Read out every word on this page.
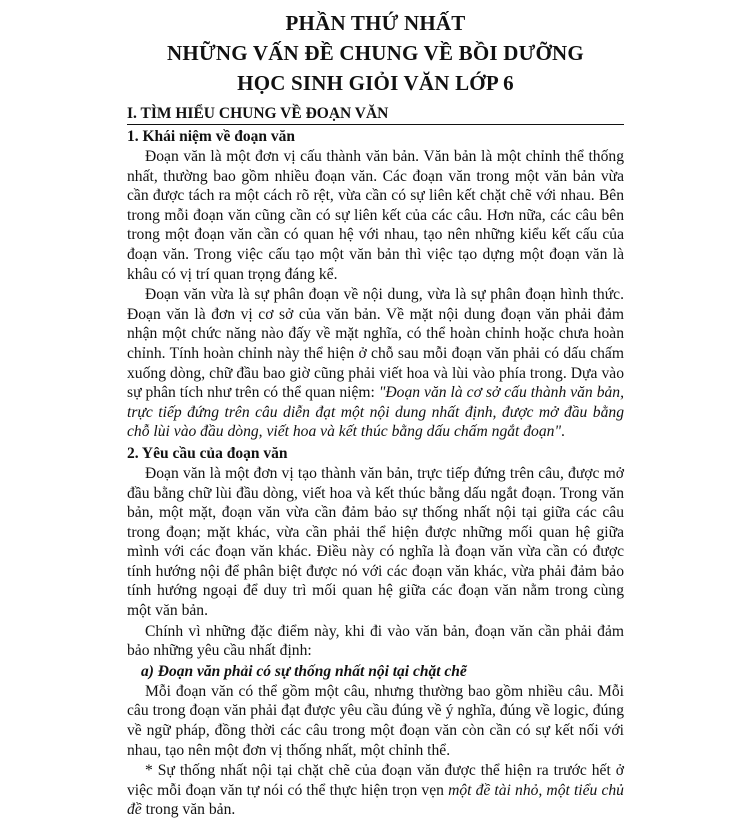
PHẦN THỨ NHẤT
NHỮNG VẤN ĐỀ CHUNG VỀ BỒI DƯỠNG
HỌC SINH GIỎI VĂN LỚP 6
I. TÌM HIỂU CHUNG VỀ ĐOẠN VĂN
1. Khái niệm về đoạn văn

Đoạn văn là một đơn vị cấu thành văn bản. Văn bản là một chỉnh thể thống nhất, thường bao gồm nhiều đoạn văn. Các đoạn văn trong một văn bản vừa cần được tách ra một cách rõ rệt, vừa cần có sự liên kết chặt chẽ với nhau. Bên trong mỗi đoạn văn cũng cần có sự liên kết của các câu. Hơn nữa, các câu bên trong một đoạn văn cần có quan hệ với nhau, tạo nên những kiểu kết cấu của đoạn văn. Trong việc cấu tạo một văn bản thì việc tạo dựng một đoạn văn là khâu có vị trí quan trọng đáng kể.

Đoạn văn vừa là sự phân đoạn về nội dung, vừa là sự phân đoạn hình thức. Đoạn văn là đơn vị cơ sở của văn bản. Về mặt nội dung đoạn văn phải đảm nhận một chức năng nào đấy về mặt nghĩa, có thể hoàn chỉnh hoặc chưa hoàn chỉnh. Tính hoàn chỉnh này thể hiện ở chỗ sau mỗi đoạn văn phải có dấu chấm xuống dòng, chữ đầu bao giờ cũng phải viết hoa và lùi vào phía trong. Dựa vào sự phân tích như trên có thể quan niệm: "Đoạn văn là cơ sở cấu thành văn bản, trực tiếp đứng trên câu diễn đạt một nội dung nhất định, được mở đầu bằng chỗ lùi vào đầu dòng, viết hoa và kết thúc bằng dấu chấm ngắt đoạn".

2. Yêu cầu của đoạn văn

Đoạn văn là một đơn vị tạo thành văn bản, trực tiếp đứng trên câu, được mở đầu bằng chữ lùi đầu dòng, viết hoa và kết thúc bằng dấu ngắt đoạn. Trong văn bản, một mặt, đoạn văn vừa cần đảm bảo sự thống nhất nội tại giữa các câu trong đoạn; mặt khác, vừa cần phải thể hiện được những mối quan hệ giữa mình với các đoạn văn khác. Điều này có nghĩa là đoạn văn vừa cần có được tính hướng nội để phân biệt được nó với các đoạn văn khác, vừa phải đảm bảo tính hướng ngoại để duy trì mối quan hệ giữa các đoạn văn nằm trong cùng một văn bản.

Chính vì những đặc điểm này, khi đi vào văn bản, đoạn văn cần phải đảm bảo những yêu cầu nhất định:

a) Đoạn văn phải có sự thống nhất nội tại chặt chẽ

Mỗi đoạn văn có thể gồm một câu, nhưng thường bao gồm nhiều câu. Mỗi câu trong đoạn văn phải đạt được yêu cầu đúng về ý nghĩa, đúng về logic, đúng về ngữ pháp, đồng thời các câu trong một đoạn văn còn cần có sự kết nối với nhau, tạo nên một đơn vị thống nhất, một chỉnh thể.

* Sự thống nhất nội tại chặt chẽ của đoạn văn được thể hiện ra trước hết ở việc mỗi đoạn văn tự nói có thể thực hiện trọn vẹn một đề tài nhỏ, một tiểu chủ đề trong văn bản.
